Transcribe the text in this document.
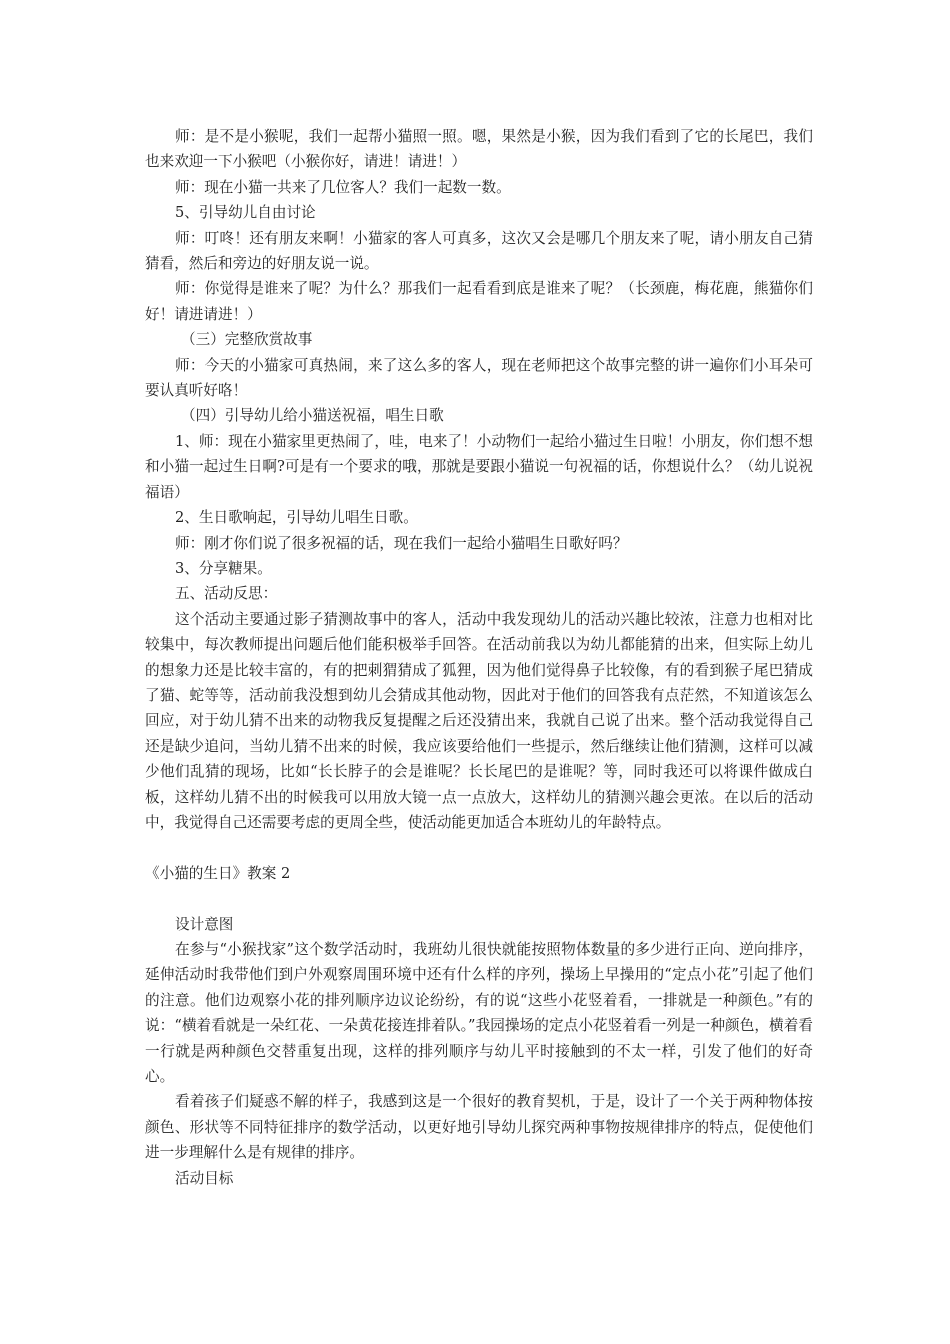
师：是不是小猴呢，我们一起帮小猫照一照。嗯，果然是小猴，因为我们看到了它的长尾巴，我们也来欢迎一下小猴吧（小猴你好，请进！请进！）

师：现在小猫一共来了几位客人？我们一起数一数。

5、引导幼儿自由讨论

师：叮咚！还有朋友来啊！小猫家的客人可真多，这次又会是哪几个朋友来了呢，请小朋友自己猜猜看，然后和旁边的好朋友说一说。

师：你觉得是谁来了呢？为什么？那我们一起看看到底是谁来了呢？（长颈鹿，梅花鹿，熊猫你们好！请进请进！）

（三）完整欣赏故事

师：今天的小猫家可真热闹，来了这么多的客人，现在老师把这个故事完整的讲一遍你们小耳朵可要认真听好咯！

（四）引导幼儿给小猫送祝福，唱生日歌

1、师：现在小猫家里更热闹了，哇，电来了！小动物们一起给小猫过生日啦！小朋友，你们想不想和小猫一起过生日啊?可是有一个要求的哦，那就是要跟小猫说一句祝福的话，你想说什么？（幼儿说祝福语）

2、生日歌响起，引导幼儿唱生日歌。

师：刚才你们说了很多祝福的话，现在我们一起给小猫唱生日歌好吗？

3、分享糖果。

五、活动反思：

这个活动主要通过影子猜测故事中的客人，活动中我发现幼儿的活动兴趣比较浓，注意力也相对比较集中，每次教师提出问题后他们能积极举手回答。在活动前我以为幼儿都能猜的出来，但实际上幼儿的想象力还是比较丰富的，有的把刺猬猜成了狐狸，因为他们觉得鼻子比较像，有的看到猴子尾巴猜成了猫、蛇等等，活动前我没想到幼儿会猜成其他动物，因此对于他们的回答我有点茫然，不知道该怎么回应，对于幼儿猜不出来的动物我反复提醒之后还没猜出来，我就自己说了出来。整个活动我觉得自己还是缺少追问，当幼儿猜不出来的时候，我应该要给他们一些提示，然后继续让他们猜测，这样可以减少他们乱猜的现场，比如“长长脖子的会是谁呢？长长尾巴的是谁呢？等，同时我还可以将课件做成白板，这样幼儿猜不出的时候我可以用放大镜一点一点放大，这样幼儿的猜测兴趣会更浓。在以后的活动中，我觉得自己还需要考虑的更周全些，使活动能更加适合本班幼儿的年龄特点。

《小猫的生日》教案 2

设计意图

在参与“小猴找家”这个数学活动时，我班幼儿很快就能按照物体数量的多少进行正向、逆向排序，延伸活动时我带他们到户外观察周围环境中还有什么样的序列，操场上早操用的“定点小花”引起了他们的注意。他们边观察小花的排列顺序边议论纷纷，有的说“这些小花竖着看，一排就是一种颜色。”有的说：“横着看就是一朵红花、一朵黄花接连排着队。”我园操场的定点小花竖着看一列是一种颜色，横着看一行就是两种颜色交替重复出现，这样的排列顺序与幼儿平时接触到的不太一样，引发了他们的好奇心。

看着孩子们疑惑不解的样子，我感到这是一个很好的教育契机，于是，设计了一个关于两种物体按颜色、形状等不同特征排序的数学活动，以更好地引导幼儿探究两种事物按规律排序的特点，促使他们进一步理解什么是有规律的排序。

活动目标
